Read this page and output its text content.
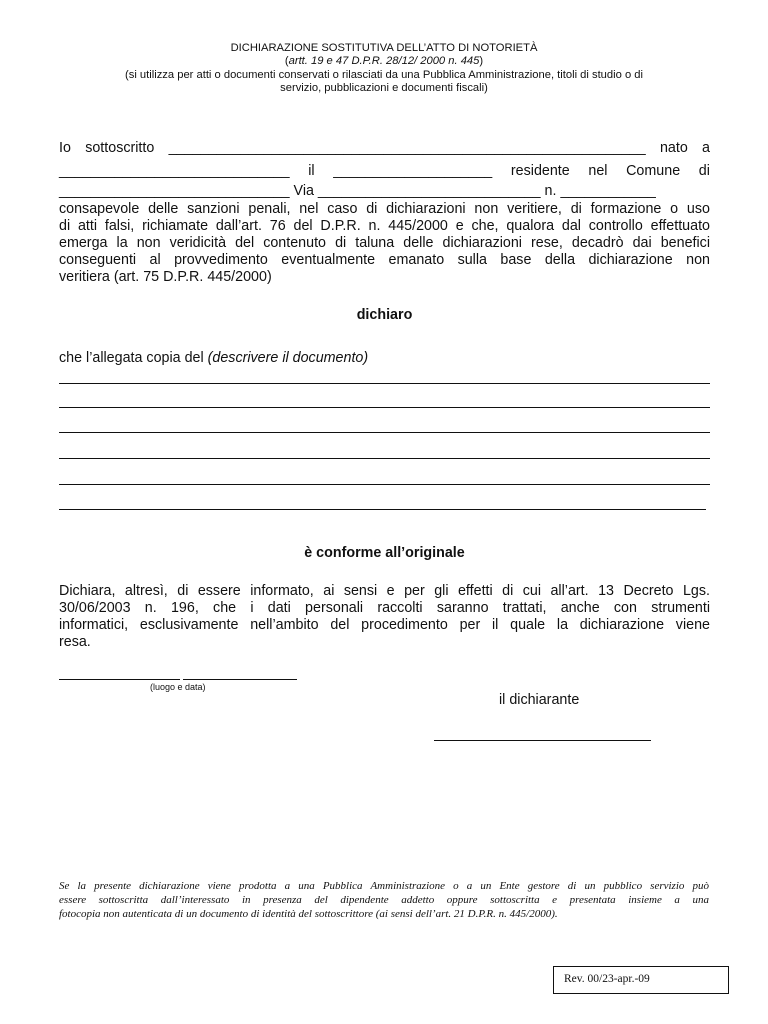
DICHIARAZIONE SOSTITUTIVA DELL’ATTO DI NOTORIETÀ
(artt. 19 e 47 D.P.R. 28/12/ 2000 n. 445)
(si utilizza per atti o documenti conservati o rilasciati da una Pubblica Amministrazione, titoli di studio o di
servizio, pubblicazioni e documenti fiscali)
Io sottoscritto ____________________________________________________________ nato a
_____________________________ il ____________________ residente nel Comune di
_____________________________ Via ____________________________ n. ____________
consapevole delle sanzioni penali, nel caso di dichiarazioni non veritiere, di formazione o uso
di atti falsi, richiamate dall’art. 76 del D.P.R. n. 445/2000 e che, qualora dal controllo effettuato
emerga la non veridicità del contenuto di taluna delle dichiarazioni rese, decadrò dai benefici
conseguenti al provvedimento eventualmente emanato sulla base della dichiarazione non
veritiera (art. 75 D.P.R. 445/2000)
dichiaro
che l’allegata copia del (descrivere il documento)
è conforme all’originale
Dichiara, altresì, di essere informato, ai sensi e per gli effetti di cui all’art. 13 Decreto Lgs.
30/06/2003 n. 196, che i dati personali raccolti saranno trattati, anche con strumenti
informatici, esclusivamente nell’ambito del procedimento per il quale la dichiarazione viene
resa.
(luogo e data)
il dichiarante
Se la presente dichiarazione viene prodotta a una Pubblica Amministrazione o a un Ente gestore di un pubblico servizio può
essere sottoscritta dall’interessato in presenza del dipendente addetto oppure sottoscritta e presentata insieme a una
fotocopia non autenticata di un documento di identità del sottoscrittore (ai sensi dell’art. 21 D.P.R. n. 445/2000).
Rev. 00/23-apr.-09
